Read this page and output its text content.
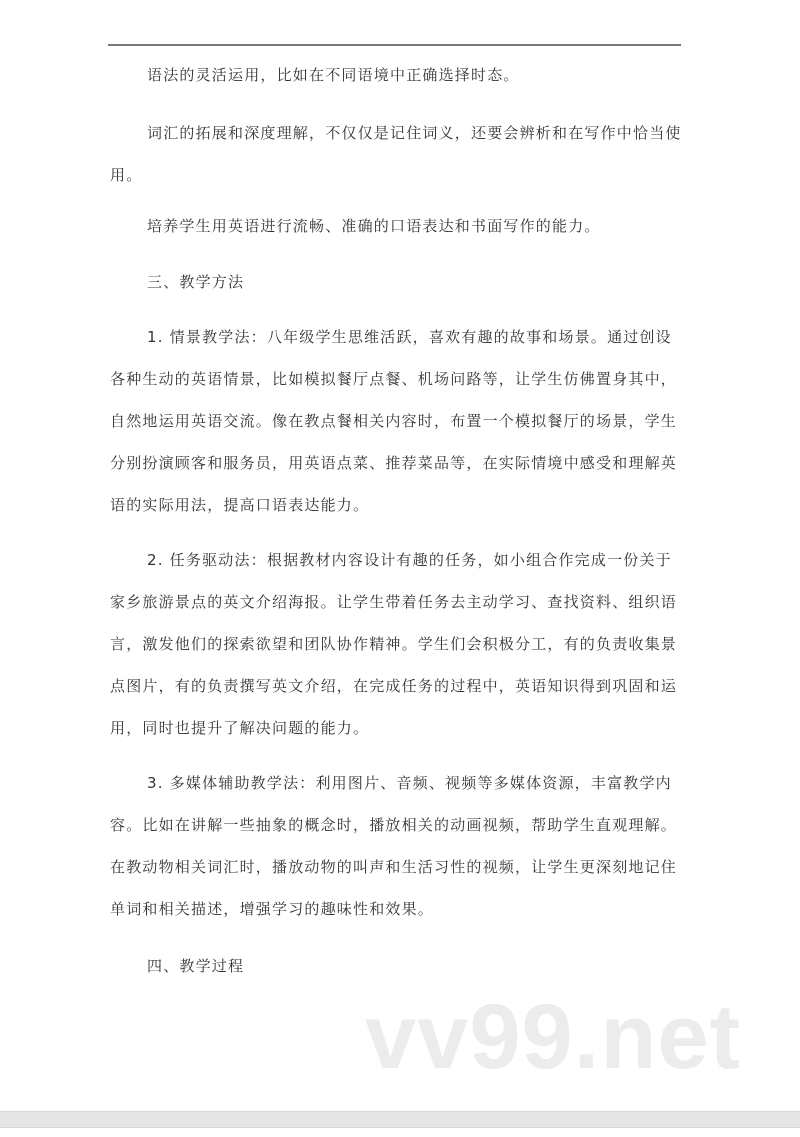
语法的灵活运用，比如在不同语境中正确选择时态。
词汇的拓展和深度理解，不仅仅是记住词义，还要会辨析和在写作中恰当使
用。
培养学生用英语进行流畅、准确的口语表达和书面写作的能力。
三、教学方法
1. 情景教学法：八年级学生思维活跃，喜欢有趣的故事和场景。通过创设
各种生动的英语情景，比如模拟餐厅点餐、机场问路等，让学生仿佛置身其中，
自然地运用英语交流。像在教点餐相关内容时，布置一个模拟餐厅的场景，学生
分别扮演顾客和服务员，用英语点菜、推荐菜品等，在实际情境中感受和理解英
语的实际用法，提高口语表达能力。
2. 任务驱动法：根据教材内容设计有趣的任务，如小组合作完成一份关于
家乡旅游景点的英文介绍海报。让学生带着任务去主动学习、查找资料、组织语
言，激发他们的探索欲望和团队协作精神。学生们会积极分工，有的负责收集景
点图片，有的负责撰写英文介绍，在完成任务的过程中，英语知识得到巩固和运
用，同时也提升了解决问题的能力。
3. 多媒体辅助教学法：利用图片、音频、视频等多媒体资源，丰富教学内
容。比如在讲解一些抽象的概念时，播放相关的动画视频，帮助学生直观理解。
在教动物相关词汇时，播放动物的叫声和生活习性的视频，让学生更深刻地记住
单词和相关描述，增强学习的趣味性和效果。
四、教学过程
vv99.net
